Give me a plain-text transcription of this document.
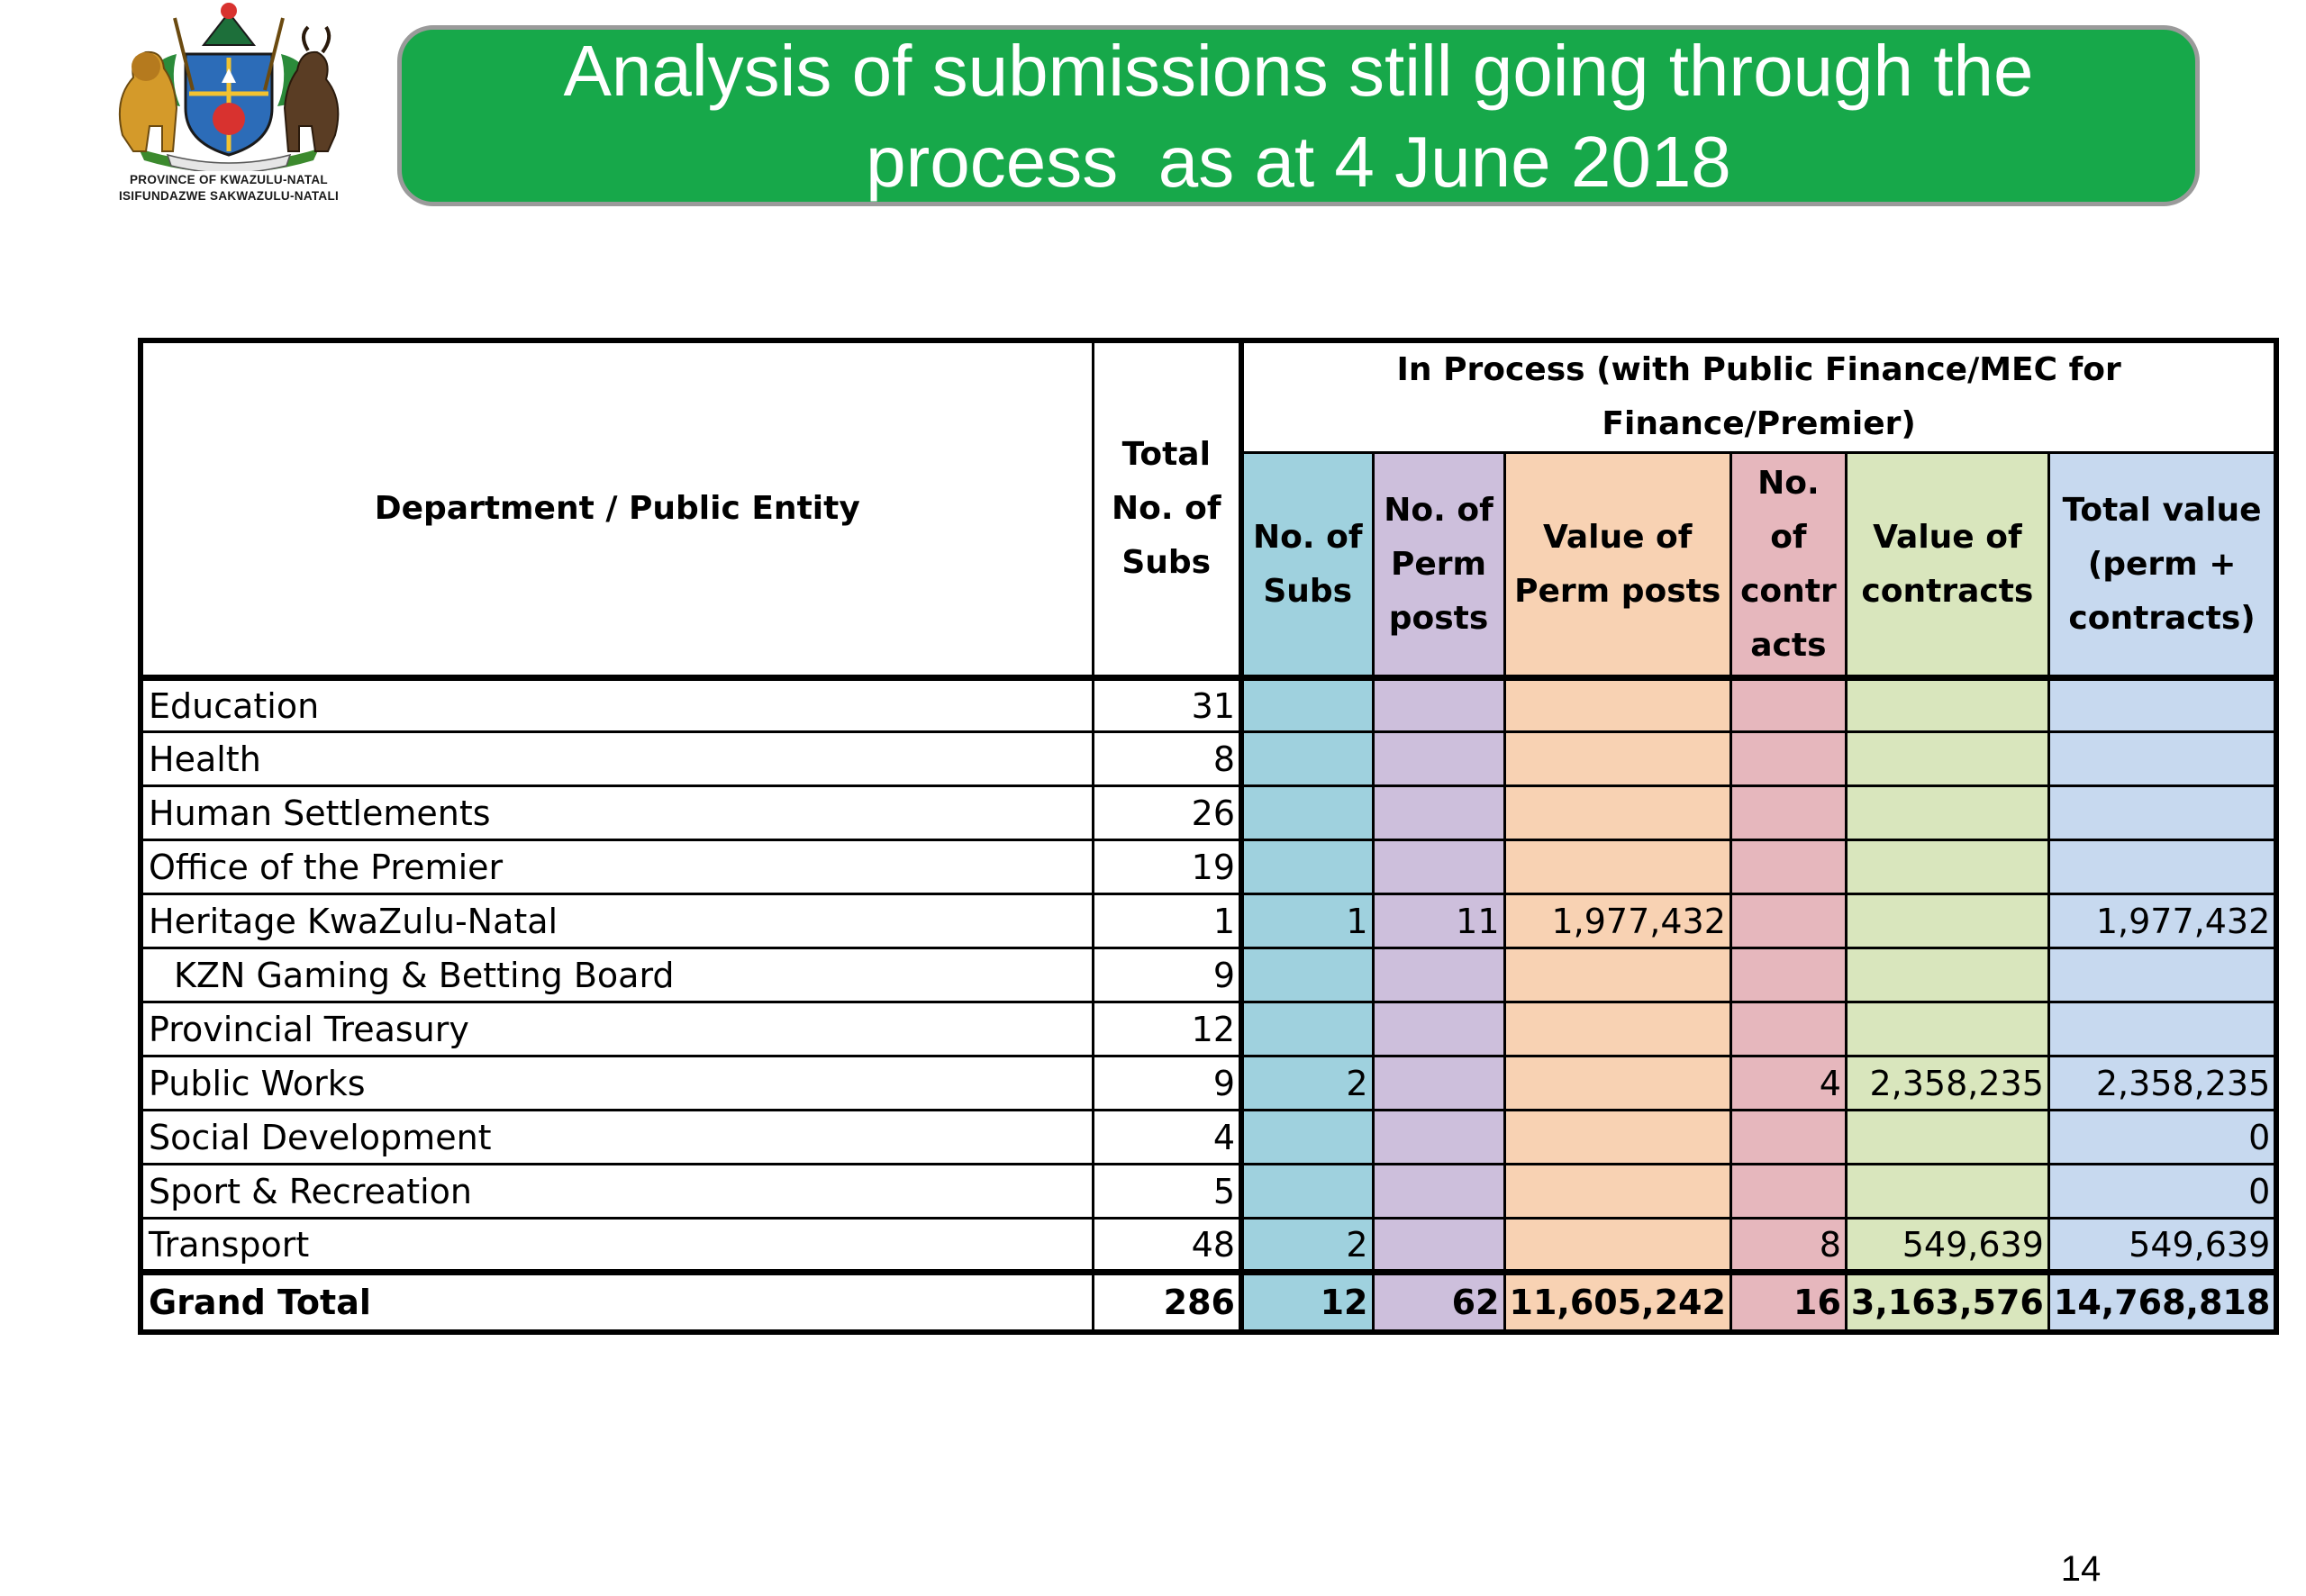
PROVINCE OF KWAZULU-NATAL
ISIFUNDAZWE SAKWAZULU-NATALI
Analysis of submissions still going through the
process  as at 4 June 2018
Department / Public Entity	Total No. of Subs	In Process (with Public Finance/MEC for Finance/Premier)					
		No. of Subs	No. of Perm posts	Value of Perm posts	No. of contr acts	Value of contracts	Total value (perm + contracts)
Education	31						
Health	8						
Human Settlements	26						
Office of the Premier	19						
Heritage KwaZulu-Natal	1	1	11	1,977,432			1,977,432
KZN Gaming & Betting Board	9						
Provincial Treasury	12						
Public Works	9	2			4	2,358,235	2,358,235
Social Development	4						0
Sport & Recreation	5						0
Transport	48	2			8	549,639	549,639
Grand Total	286	12	62	11,605,242	16	3,163,576	14,768,818
14
